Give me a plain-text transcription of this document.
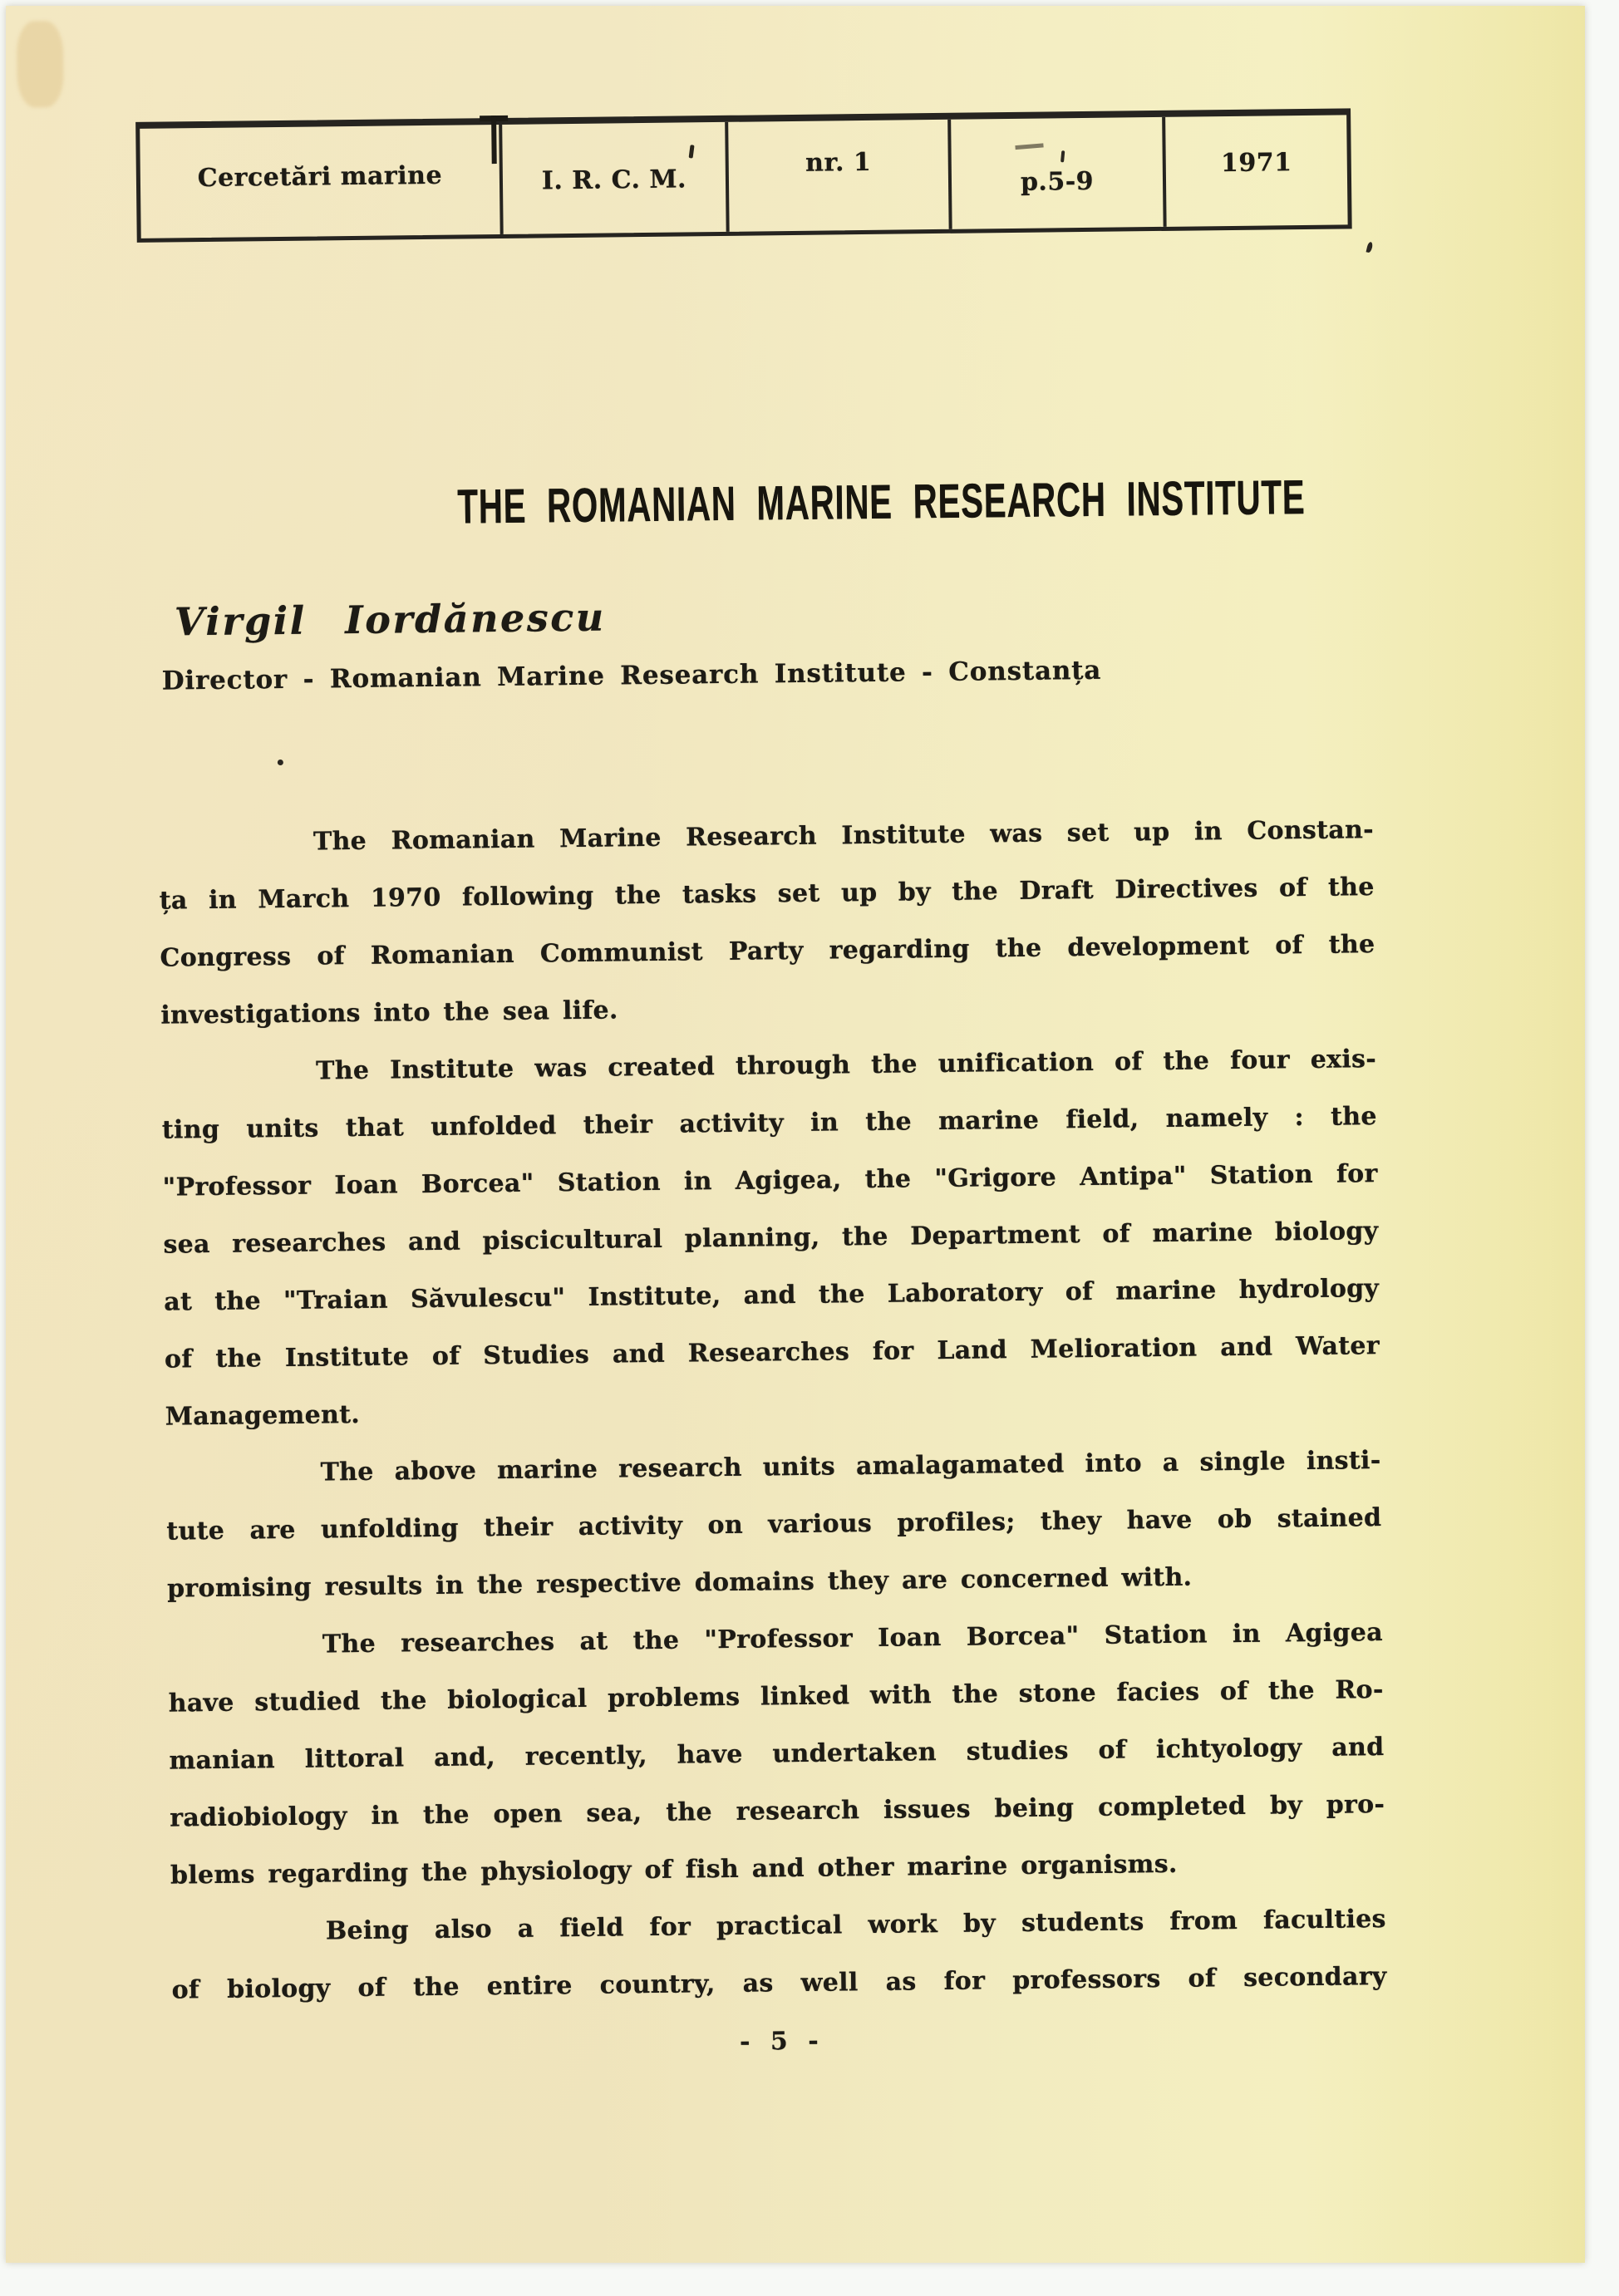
Cercetări marine	I. R. C. M.
nr. 1
p.5-9
1971
THE ROMANIAN MARINE RESEARCH INSTITUTE
Virgil Iordănescu
Director - Romanian Marine Research Institute - Constanța
The Romanian Marine Research Institute was set up in Constan-
ța in March 1970 following the tasks set up by the Draft Directives of the
Congress of Romanian Communist Party regarding the development of the
investigations into the sea life.
The Institute was created through the unification of the four exis-
ting units that unfolded their activity in the marine field, namely : the
"Professor Ioan Borcea" Station in Agigea, the "Grigore Antipa" Station for
sea researches and piscicultural planning, the Department of marine biology
at the "Traian Săvulescu" Institute, and the Laboratory of marine hydrology
of the Institute of Studies and Researches for Land Melioration and Water
Management.
The above marine research units amalagamated into a single insti-
tute are unfolding their activity on various profiles; they have ob stained
promising results in the respective domains they are concerned with.
The researches at the "Professor Ioan Borcea" Station in Agigea
have studied the biological problems linked with the stone facies of the Ro-
manian littoral and, recently, have undertaken studies of ichtyology and
radiobiology in the open sea, the research issues being completed by pro-
blems regarding the physiology of fish and other marine organisms.
Being also a field for practical work by students from faculties
of biology of the entire country, as well as for professors of secondary
- 5 -
